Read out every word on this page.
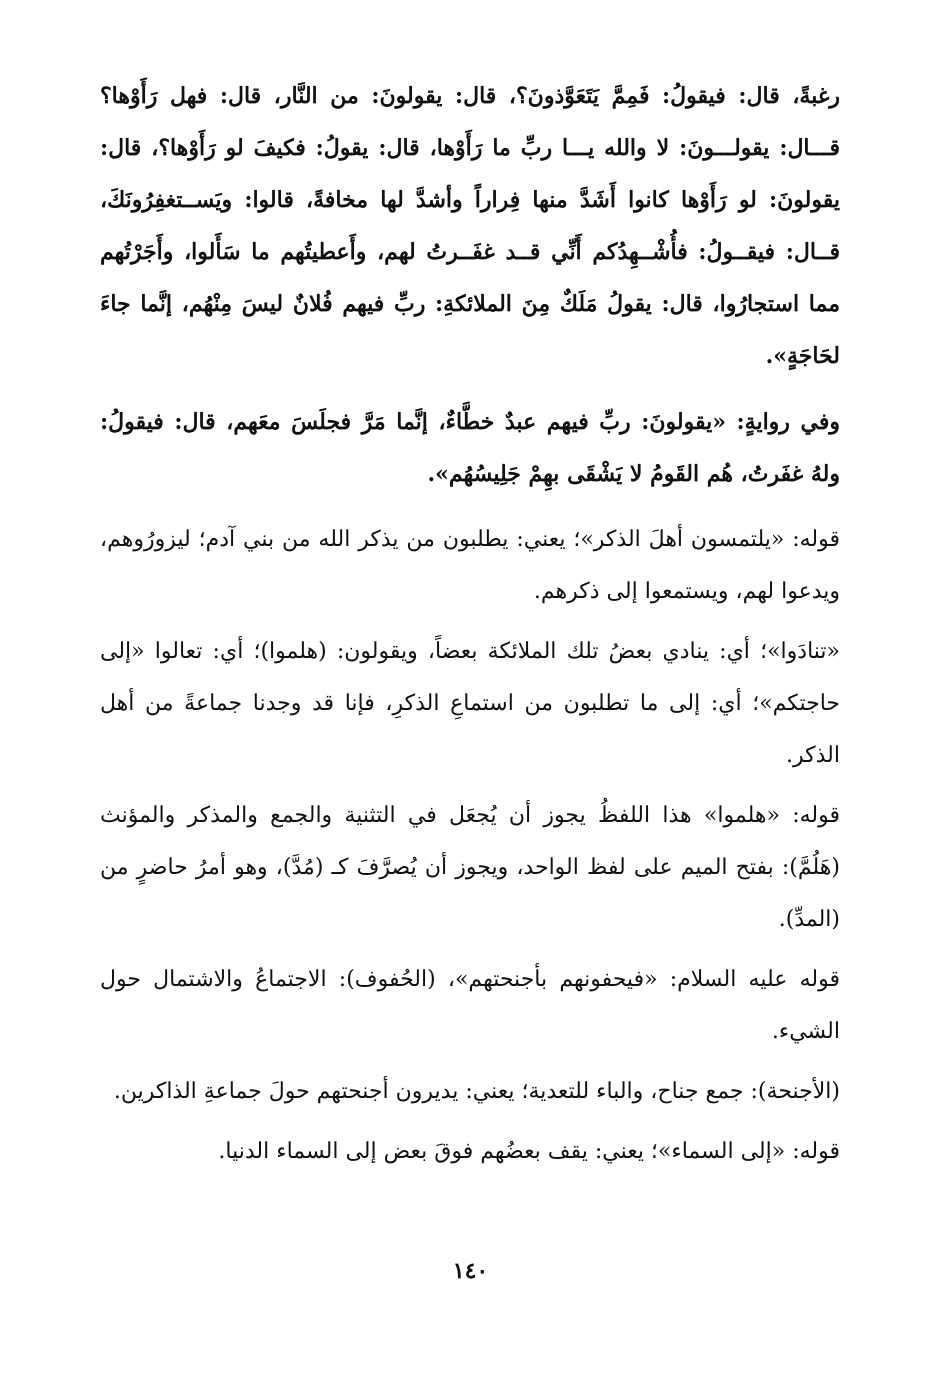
رغبةً، قال: فيقولُ: فَمِمَّ يَتَعَوَّذونَ؟، قال: يقولونَ: من النَّار، قال: فهل رَأَوْها؟ قـــال: يقولـــونَ: لا والله يـــا ربِّ ما رَأَوْها، قال: يقولُ: فكيفَ لو رَأَوْها؟، قال: يقولونَ: لو رَأَوْها كانوا أَشَدَّ منها فِراراً وأشدَّ لها مخافةً، قالوا: ويَســتغفِرُونَكَ، قــال: فيقــولُ: فأُشْــهِدُكم أَنِّي قــد غفَــرتُ لهم، وأَعطيتُهم ما سَأَلوا، وأَجَرْتُهم مما استجارُوا، قال: يقولُ مَلَكٌ مِنَ الملائكةِ: ربِّ فيهم فُلانٌ ليسَ مِنْهُم، إنَّما جاءَ لحَاجَةٍ».

وفي روايةٍ: «يقولونَ: ربِّ فيهم عبدٌ خطَّاءٌ، إنَّما مَرَّ فجلَسَ معَهم، قال: فيقولُ: ولهُ غفَرتُ، هُم القَومُ لا يَشْقَى بهِمْ جَلِيسُهُم».

قوله: «يلتمسون أهلَ الذكر»؛ يعني: يطلبون من يذكر الله من بني آدم؛ ليزورُوهم، ويدعوا لهم، ويستمعوا إلى ذكرهم.

«تنادَوا»؛ أي: ينادي بعضُ تلك الملائكة بعضاً، ويقولون: (هلموا)؛ أي: تعالوا «إلى حاجتكم»؛ أي: إلى ما تطلبون من استماعِ الذكرِ، فإنا قد وجدنا جماعةً من أهل الذكر.

قوله: «هلموا» هذا اللفظُ يجوز أن يُجعَل في التثنية والجمع والمذكر والمؤنث (هَلُمَّ): بفتح الميم على لفظ الواحد، ويجوز أن يُصرَّفَ كـ (مُدَّ)، وهو أمرُ حاضرٍ من (المدِّ).

قوله عليه السلام: «فيحفونهم بأجنحتهم»، (الحُفوف): الاجتماعُ والاشتمال حول الشيء.

(الأجنحة): جمع جناح، والباء للتعدية؛ يعني: يديرون أجنحتهم حولَ جماعةِ الذاكرين.

قوله: «إلى السماء»؛ يعني: يقف بعضُهم فوقَ بعض إلى السماء الدنيا.

١٤٠
